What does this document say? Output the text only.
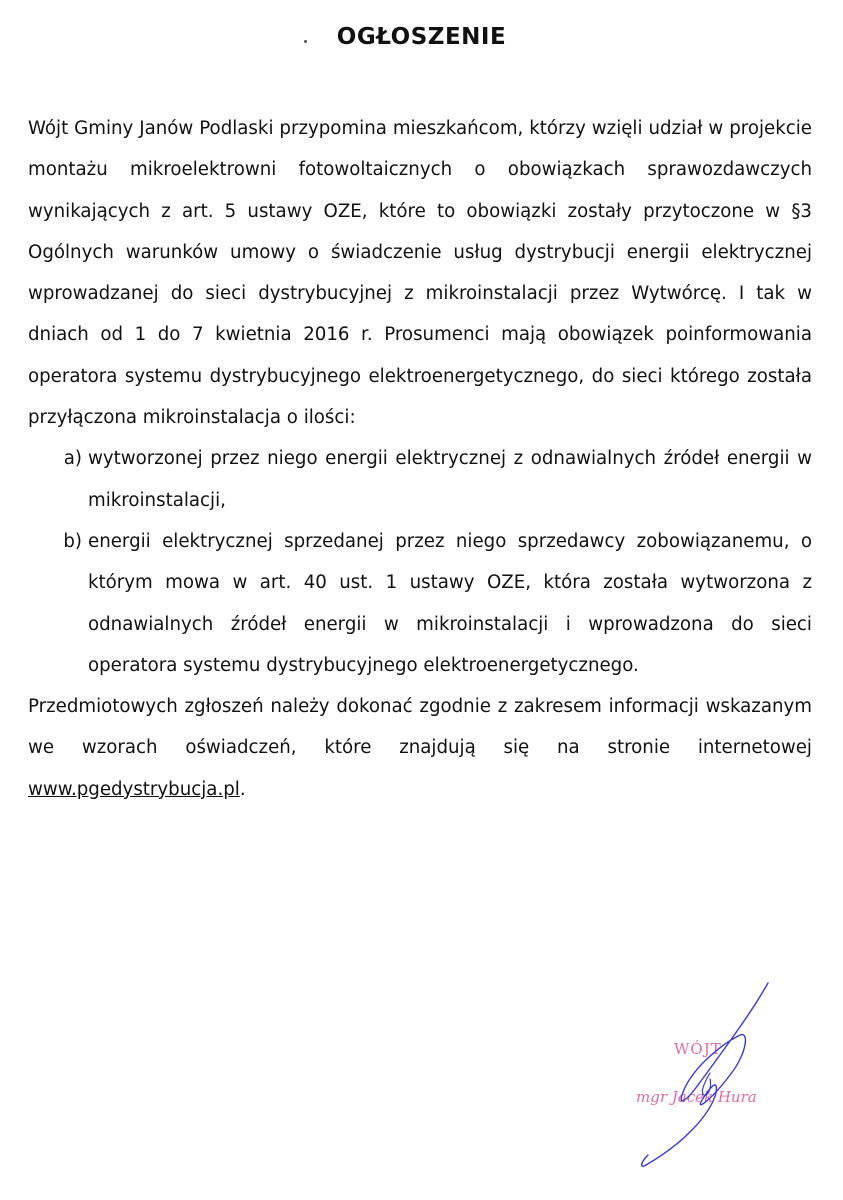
OGŁOSZENIE

Wójt Gminy Janów Podlaski przypomina mieszkańcom, którzy wzięli udział w projekcie montażu mikroelektrowni fotowoltaicznych o obowiązkach sprawozdawczych wynikających z art. 5 ustawy OZE, które to obowiązki zostały przytoczone w §3 Ogólnych warunków umowy o świadczenie usług dystrybucji energii elektrycznej wprowadzanej do sieci dystrybucyjnej z mikroinstalacji przez Wytwórcę. I tak w dniach od 1 do 7 kwietnia 2016 r. Prosumenci mają obowiązek poinformowania operatora systemu dystrybucyjnego elektroenergetycznego, do sieci którego została przyłączona mikroinstalacja o ilości:

a) wytworzonej przez niego energii elektrycznej z odnawialnych źródeł energii w mikroinstalacji,
b) energii elektrycznej sprzedanej przez niego sprzedawcy zobowiązanemu, o którym mowa w art. 40 ust. 1 ustawy OZE, która została wytworzona z odnawialnych źródeł energii w mikroinstalacji i wprowadzona do sieci operatora systemu dystrybucyjnego elektroenergetycznego.

Przedmiotowych zgłoszeń należy dokonać zgodnie z zakresem informacji wskazanym we wzorach oświadczeń, które znajdują się na stronie internetowej www.pgedystrybucja.pl.

WÓJT
mgr Jacek Hura
